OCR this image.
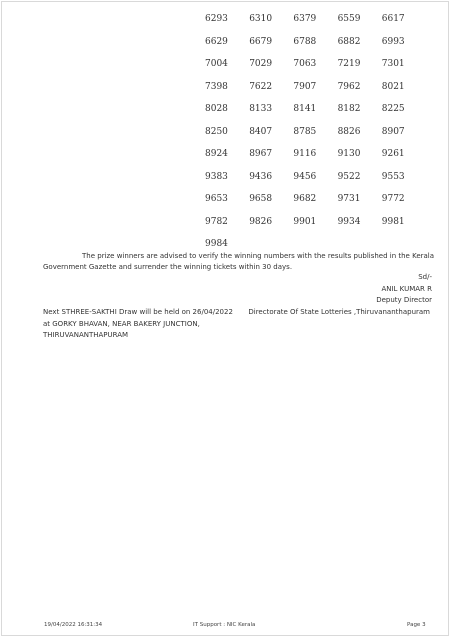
6293 6310 6379 6559 6617
6629 6679 6788 6882 6993
7004 7029 7063 7219 7301
7398 7622 7907 7962 8021
8028 8133 8141 8182 8225
8250 8407 8785 8826 8907
8924 8967 9116 9130 9261
9383 9436 9456 9522 9553
9653 9658 9682 9731 9772
9782 9826 9901 9934 9981
9984
The prize winners are advised to verify the winning numbers with the results published in the Kerala
Government Gazette and surrender the winning tickets within 30 days.
Sd/-
ANIL KUMAR R
Deputy Director
Next STHREE-SAKTHI Draw will be held on 26/04/2022
at GORKY BHAVAN, NEAR BAKERY JUNCTION,
THIRUVANANTHAPURAM
Directorate Of State Lotteries ,Thiruvananthapuram
19/04/2022 16:31:34	IT Support : NIC Kerala	Page 3
